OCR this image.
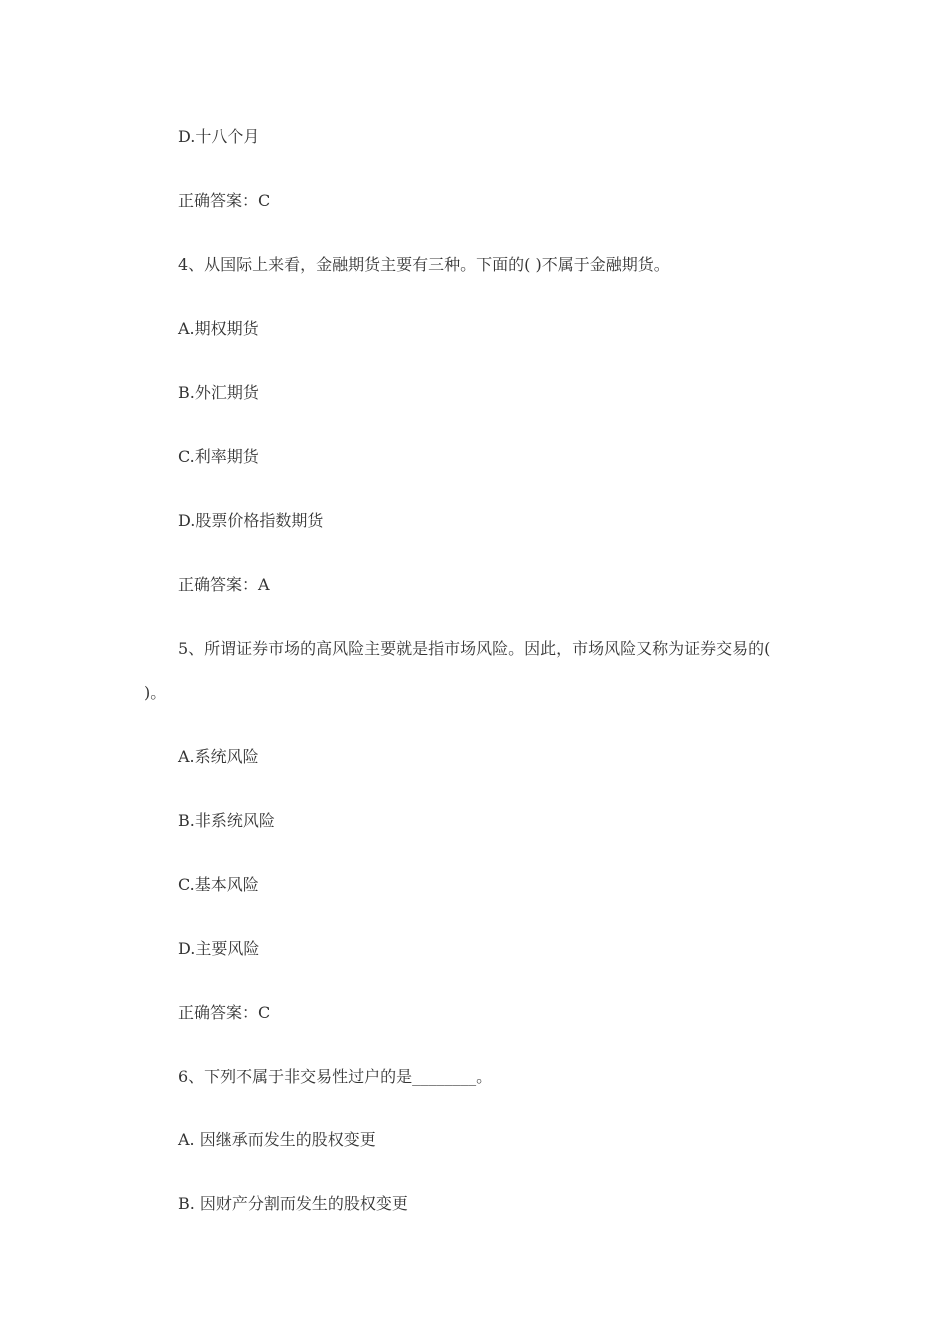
D.十八个月
正确答案：C
4、从国际上来看，金融期货主要有三种。下面的( )不属于金融期货。
A.期权期货
B.外汇期货
C.利率期货
D.股票价格指数期货
正确答案：A
5、所谓证券市场的高风险主要就是指市场风险。因此，市场风险又称为证券交易的(
)。
A.系统风险
B.非系统风险
C.基本风险
D.主要风险
正确答案：C
6、下列不属于非交易性过户的是________。
A. 因继承而发生的股权变更
B. 因财产分割而发生的股权变更
